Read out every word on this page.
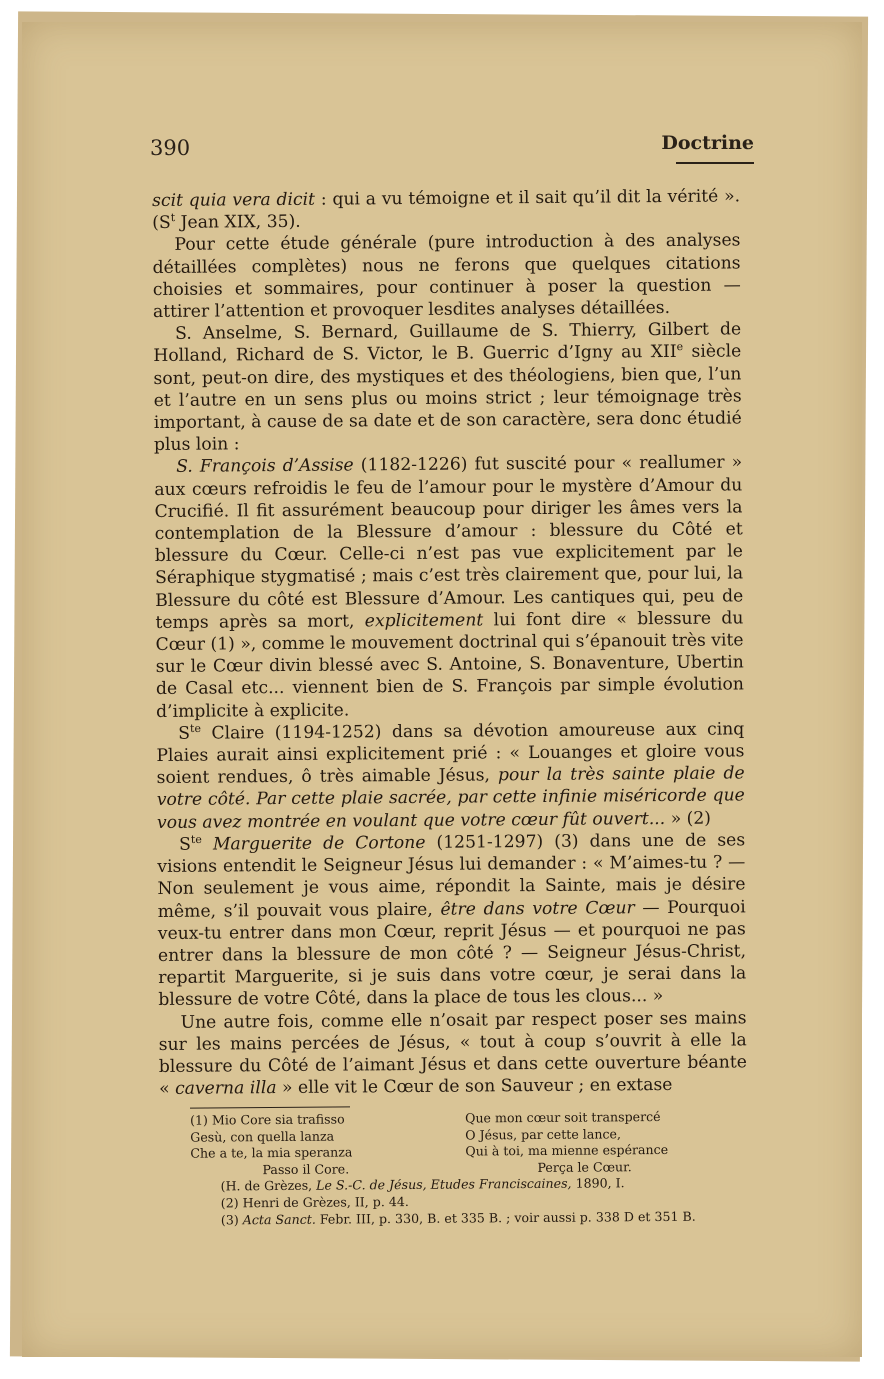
390	Doctrine

scit quia vera dicit : qui a vu témoigne et il sait qu’il dit la vérité ». ($S^t$ Jean XIX, 35).

Pour cette étude générale (pure introduction à des analyses détaillées complètes) nous ne ferons que quelques citations choisies et sommaires, pour continuer à poser la question — attirer l’attention et provoquer lesdites analyses détaillées.

S. Anselme, S. Bernard, Guillaume de S. Thierry, Gilbert de Holland, Richard de S. Victor, le B. Guerric d’Igny au XIIe siècle sont, peut-on dire, des mystiques et des théologiens, bien que, l’un et l’autre en un sens plus ou moins strict ; leur témoignage très important, à cause de sa date et de son caractère, sera donc étudié plus loin :

S. François d’Assise (1182-1226) fut suscité pour « reallumer » aux cœurs refroidis le feu de l’amour pour le mystère d’Amour du Crucifié. Il fit assurément beaucoup pour diriger les âmes vers la contemplation de la Blessure d’amour : blessure du Côté et blessure du Cœur. Celle-ci n’est pas vue explicitement par le Séraphique stygmatisé ; mais c’est très clairement que, pour lui, la Blessure du côté est Blessure d’Amour. Les cantiques qui, peu de temps après sa mort, explicitement lui font dire « blessure du Cœur (1) », comme le mouvement doctrinal qui s’épanouit très vite sur le Cœur divin blessé avec S. Antoine, S. Bonaventure, Ubertin de Casal etc... viennent bien de S. François par simple évolution d’implicite à explicite.

$S^{te}$ Claire (1194-1252) dans sa dévotion amoureuse aux cinq Plaies aurait ainsi explicitement prié : « Louanges et gloire vous soient rendues, ô très aimable Jésus, pour la très sainte plaie de votre côté. Par cette plaie sacrée, par cette infinie miséricorde que vous avez montrée en voulant que votre cœur fût ouvert... » (2)

$S^{te}$ Marguerite de Cortone (1251-1297) (3) dans une de ses visions entendit le Seigneur Jésus lui demander : « M’aimes-tu ? — Non seulement je vous aime, répondit la Sainte, mais je désire même, s’il pouvait vous plaire, être dans votre Cœur — Pourquoi veux-tu entrer dans mon Cœur, reprit Jésus — et pourquoi ne pas entrer dans la blessure de mon côté ? — Seigneur Jésus-Christ, repartit Marguerite, si je suis dans votre cœur, je serai dans la blessure de votre Côté, dans la place de tous les clous... »

Une autre fois, comme elle n’osait par respect poser ses mains sur les mains percées de Jésus, « tout à coup s’ouvrit à elle la blessure du Côté de l’aimant Jésus et dans cette ouverture béante « caverna illa » elle vit le Cœur de son Sauveur ; en extase

(1) Mio Core sia trafisso
Gesù, con quella lanza
Che a te, la mia speranza
Passo il Core.
Que mon cœur soit transpercé
O Jésus, par cette lance,
Qui à toi, ma mienne espérance
Perça le Cœur.
(H. de Grèzes, Le S.-C. de Jésus, Etudes Franciscaines, 1890, I.
(2) Henri de Grèzes, II, p. 44.
(3) Acta Sanct. Febr. III, p. 330, B. et 335 B. ; voir aussi p. 338 D et 351 B.
